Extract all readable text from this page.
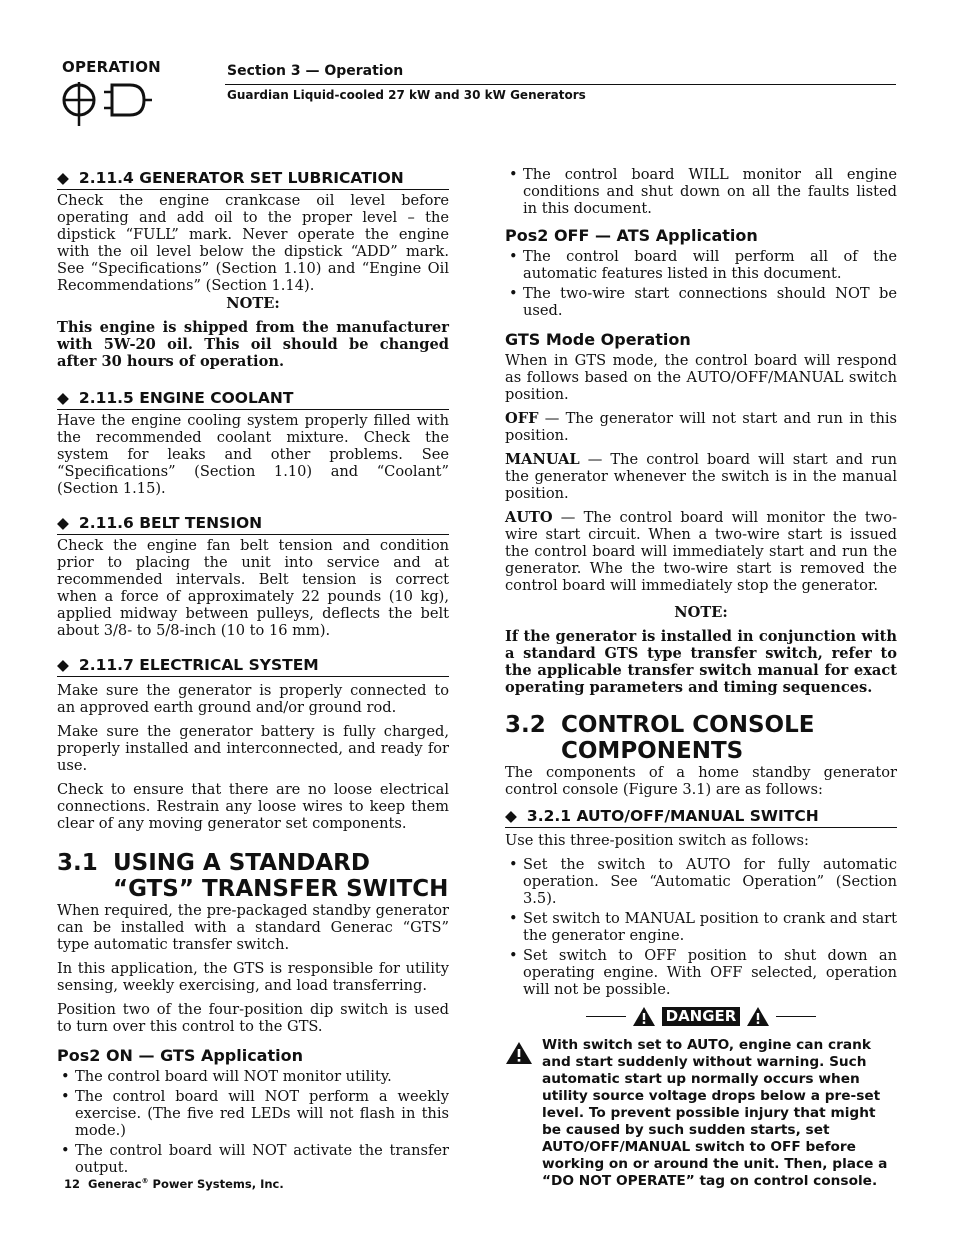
OPERATION	Section 3 — Operation
Guardian Liquid-cooled 27 kW and 30 kW Generators
◆ 2.11.4 GENERATOR SET LUBRICATION

Check the engine crankcase oil level before operating and add oil to the proper level – the dipstick “FULL” mark. Never operate the engine with the oil level below the dipstick “ADD” mark. See “Specifications” (Section 1.10) and “Engine Oil Recommendations” (Section 1.14).

NOTE:

This engine is shipped from the manufacturer with 5W-20 oil. This oil should be changed after 30 hours of operation.

◆ 2.11.5 ENGINE COOLANT

Have the engine cooling system properly filled with the recommended coolant mixture. Check the system for leaks and other problems. See “Specifications” (Section 1.10) and “Coolant” (Section 1.15).

◆ 2.11.6 BELT TENSION

Check the engine fan belt tension and condition prior to placing the unit into service and at recommended intervals. Belt tension is correct when a force of approximately 22 pounds (10 kg), applied midway between pulleys, deflects the belt about 3/8- to 5/8-inch (10 to 16 mm).

◆ 2.11.7 ELECTRICAL SYSTEM

Make sure the generator is properly connected to an approved earth ground and/or ground rod.

Make sure the generator battery is fully charged, properly installed and interconnected, and ready for use.

Check to ensure that there are no loose electrical connections. Restrain any loose wires to keep them clear of any moving generator set components.

3.1 USING A STANDARD “GTS” TRANSFER SWITCH

When required, the pre-packaged standby generator can be installed with a standard Generac “GTS” type automatic transfer switch.

In this application, the GTS is responsible for utility sensing, weekly exercising, and load transferring.

Position two of the four-position dip switch is used to turn over this control to the GTS.

Pos2 ON — GTS Application
• The control board will NOT monitor utility.
• The control board will NOT perform a weekly exercise. (The five red LEDs will not flash in this mode.)
• The control board will NOT activate the transfer output.
• The control board WILL monitor all engine conditions and shut down on all the faults listed in this document.
Pos2 OFF — ATS Application
• The control board will perform all of the automatic features listed in this document.
• The two-wire start connections should NOT be used.
GTS Mode Operation

When in GTS mode, the control board will respond as follows based on the AUTO/OFF/MANUAL switch position.

OFF — The generator will not start and run in this position.

MANUAL — The control board will start and run the generator whenever the switch is in the manual position.

AUTO — The control board will monitor the two-wire start circuit. When a two-wire start is issued the control board will immediately start and run the generator. Whe the two-wire start is removed the control board will immediately stop the generator.

NOTE:

If the generator is installed in conjunction with a standard GTS type transfer switch, refer to the applicable transfer switch manual for exact operating parameters and timing sequences.

3.2 CONTROL CONSOLE COMPONENTS

The components of a home standby generator control console (Figure 3.1) are as follows:

◆ 3.2.1 AUTO/OFF/MANUAL SWITCH

Use this three-position switch as follows:

• Set the switch to AUTO for fully automatic operation. See “Automatic Operation” (Section 3.5).
• Set switch to MANUAL position to crank and start the generator engine.
• Set switch to OFF position to shut down an operating engine. With OFF selected, operation will not be possible.
DANGER
With switch set to AUTO, engine can crank and start suddenly without warning. Such automatic start up normally occurs when utility source voltage drops below a pre-set level. To prevent possible injury that might be caused by such sudden starts, set AUTO/OFF/MANUAL switch to OFF before working on or around the unit. Then, place a “DO NOT OPERATE” tag on control console.
12 Generac® Power Systems, Inc.
